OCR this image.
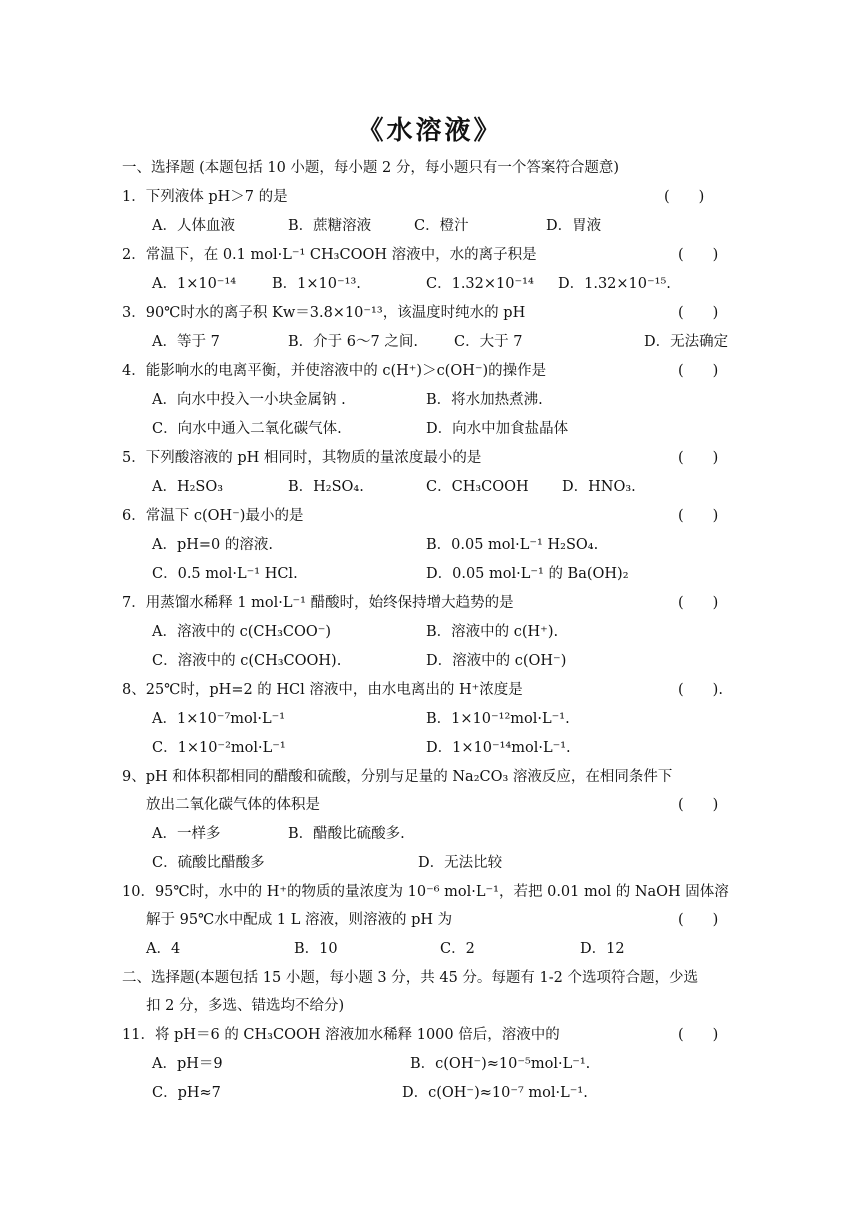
《水溶液》
一、选择题 (本题包括 10 小题，每小题 2 分，每小题只有一个答案符合题意)
1．下列液体 pH＞7 的是	(　　)
A．人体血液	B．蔗糖溶液	C．橙汁	D．胃液
2．常温下，在 0.1 mol·L⁻¹ CH₃COOH 溶液中，水的离子积是	(　　)
A．1×10⁻¹⁴ B．1×10⁻¹³.	C．1.32×10⁻¹⁴ D．1.32×10⁻¹⁵.
3．90℃时水的离子积 Kᴡ＝3.8×10⁻¹³，该温度时纯水的 pH	(　　)
A．等于 7	B．介于 6～7 之间. C．大于 7	D．无法确定
4．能影响水的电离平衡，并使溶液中的 c(H⁺)＞c(OH⁻)的操作是	(　　)
A．向水中投入一小块金属钠 .	B．将水加热煮沸.
C．向水中通入二氧化碳气体.	D．向水中加食盐晶体
5．下列酸溶液的 pH 相同时，其物质的量浓度最小的是	(　　)
A．H₂SO₃	B．H₂SO₄.	C．CH₃COOH D．HNO₃.
6．常温下 c(OH⁻)最小的是	(　　)
A．pH=0 的溶液.	B．0.05 mol·L⁻¹ H₂SO₄.
C．0.5 mol·L⁻¹ HCl.	D．0.05 mol·L⁻¹ 的 Ba(OH)₂
7．用蒸馏水稀释 1 mol·L⁻¹ 醋酸时，始终保持增大趋势的是	(　　)
A．溶液中的 c(CH₃COO⁻)	B．溶液中的 c(H⁺).
C．溶液中的 c(CH₃COOH).	D．溶液中的 c(OH⁻)
8、25℃时，pH=2 的 HCl 溶液中，由水电离出的 H⁺浓度是	(　　).
A．1×10⁻⁷mol·L⁻¹	B．1×10⁻¹²mol·L⁻¹.
C．1×10⁻²mol·L⁻¹	D．1×10⁻¹⁴mol·L⁻¹.
9、pH 和体积都相同的醋酸和硫酸，分别与足量的 Na₂CO₃ 溶液反应，在相同条件下
放出二氧化碳气体的体积是	(　　)
A．一样多	B．醋酸比硫酸多.
C．硫酸比醋酸多	D．无法比较
10．95℃时，水中的 H⁺的物质的量浓度为 10⁻⁶ mol·L⁻¹，若把 0.01 mol 的 NaOH 固体溶
解于 95℃水中配成 1 L 溶液，则溶液的 pH 为	(　　)
A．4	B．10	C．2	D．12
二、选择题(本题包括 15 小题，每小题 3 分，共 45 分。每题有 1-2 个选项符合题，少选
扣 2 分，多选、错选均不给分)
11．将 pH＝6 的 CH₃COOH 溶液加水稀释 1000 倍后，溶液中的	(　　)
A．pH＝9	B．c(OH⁻)≈10⁻⁵mol·L⁻¹.
C．pH≈7	D．c(OH⁻)≈10⁻⁷ mol·L⁻¹.
